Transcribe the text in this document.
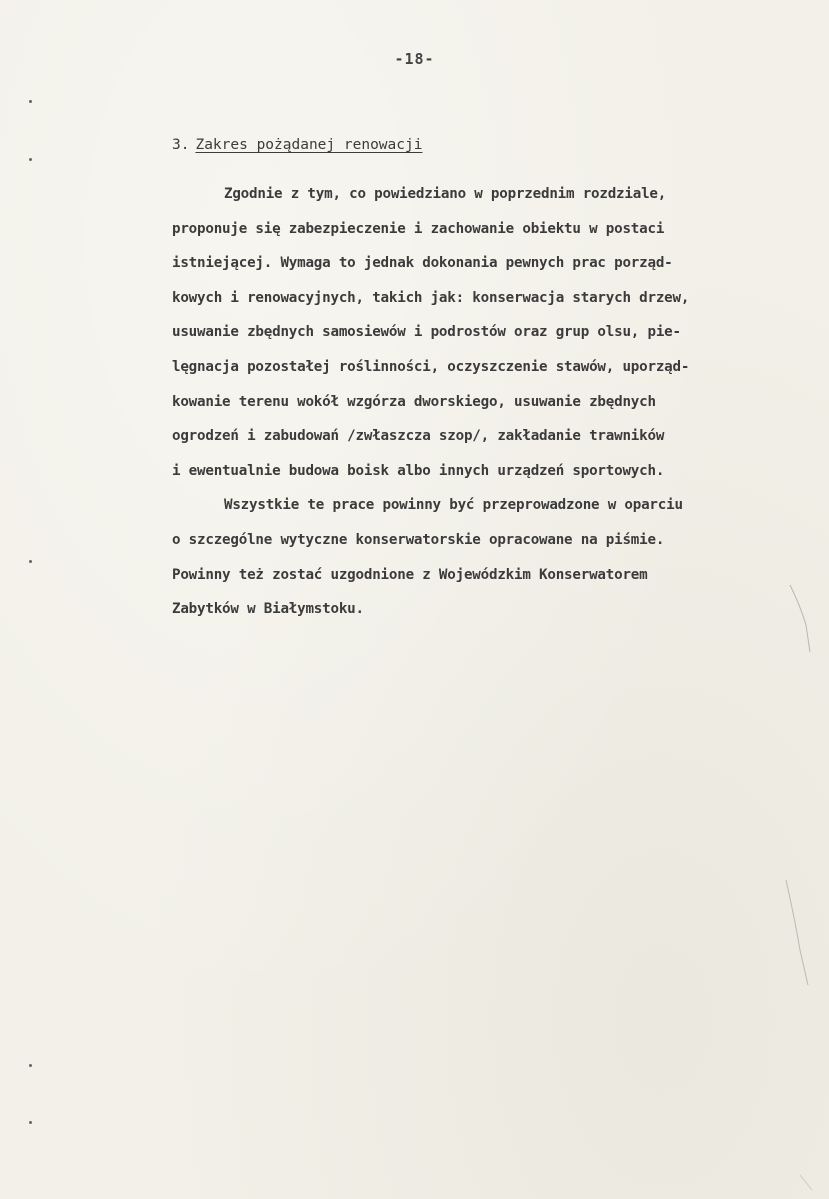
-18-
3. Zakres pożądanej renowacji
Zgodnie z tym, co powiedziano w poprzednim rozdziale,
proponuje się zabezpieczenie i zachowanie obiektu w postaci
istniejącej. Wymaga to jednak dokonania pewnych prac porząd-
kowych i renowacyjnych, takich jak: konserwacja starych drzew,
usuwanie zbędnych samosiewów i podrostów oraz grup olsu, pie-
lęgnacja pozostałej roślinności, oczyszczenie stawów, uporząd-
kowanie terenu wokół wzgórza dworskiego, usuwanie zbędnych
ogrodzeń i zabudowań /zwłaszcza szop/, zakładanie trawników
i ewentualnie budowa boisk albo innych urządzeń sportowych.
Wszystkie te prace powinny być przeprowadzone w oparciu
o szczególne wytyczne konserwatorskie opracowane na piśmie.
Powinny też zostać uzgodnione z Wojewódzkim Konserwatorem
Zabytków w Białymstoku.
